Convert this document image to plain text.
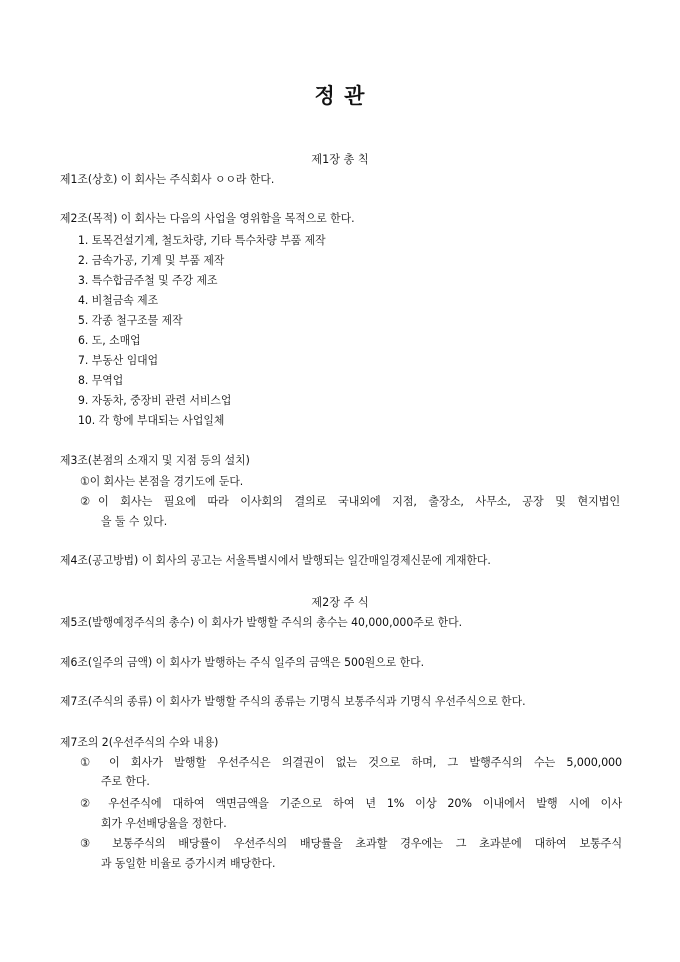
정 관
제1장 총 칙
제1조(상호) 이 회사는 주식회사 ㅇㅇ라 한다.
제2조(목적) 이 회사는 다음의 사업을 영위함을 목적으로 한다.
1. 토목건설기계, 철도차량, 기타 특수차량 부품 제작
2. 금속가공, 기계 및 부품 제작
3. 특수합금주철 및 주강 제조
4. 비철금속 제조
5. 각종 철구조물 제작
6. 도, 소매업
7. 부동산 임대업
8. 무역업
9. 자동차, 중장비 관련 서비스업
10. 각 항에 부대되는 사업일체
제3조(본점의 소재지 및 지점 등의 설치)
①이 회사는 본점을 경기도에 둔다.
②이 회사는 필요에 따라 이사회의 결의로 국내외에 지점, 출장소, 사무소, 공장 및 현지법인
을 둘 수 있다.
제4조(공고방법) 이 회사의 공고는 서울특별시에서 발행되는 일간매일경제신문에 게재한다.
제2장 주 식
제5조(발행예정주식의 총수) 이 회사가 발행할 주식의 총수는 40,000,000주로 한다.
제6조(일주의 금액) 이 회사가 발행하는 주식 일주의 금액은 500원으로 한다.
제7조(주식의 종류) 이 회사가 발행할 주식의 종류는 기명식 보통주식과 기명식 우선주식으로 한다.
제7조의 2(우선주식의 수와 내용)
① 이 회사가 발행할 우선주식은 의결권이 없는 것으로 하며, 그 발행주식의 수는 5,000,000
주로 한다.
② 우선주식에 대하여 액면금액을 기준으로 하여 년 1% 이상 20% 이내에서 발행 시에 이사
회가 우선배당율을 정한다.
③ 보통주식의 배당률이 우선주식의 배당률을 초과할 경우에는 그 초과분에 대하여 보통주식
과 동일한 비율로 증가시켜 배당한다.
